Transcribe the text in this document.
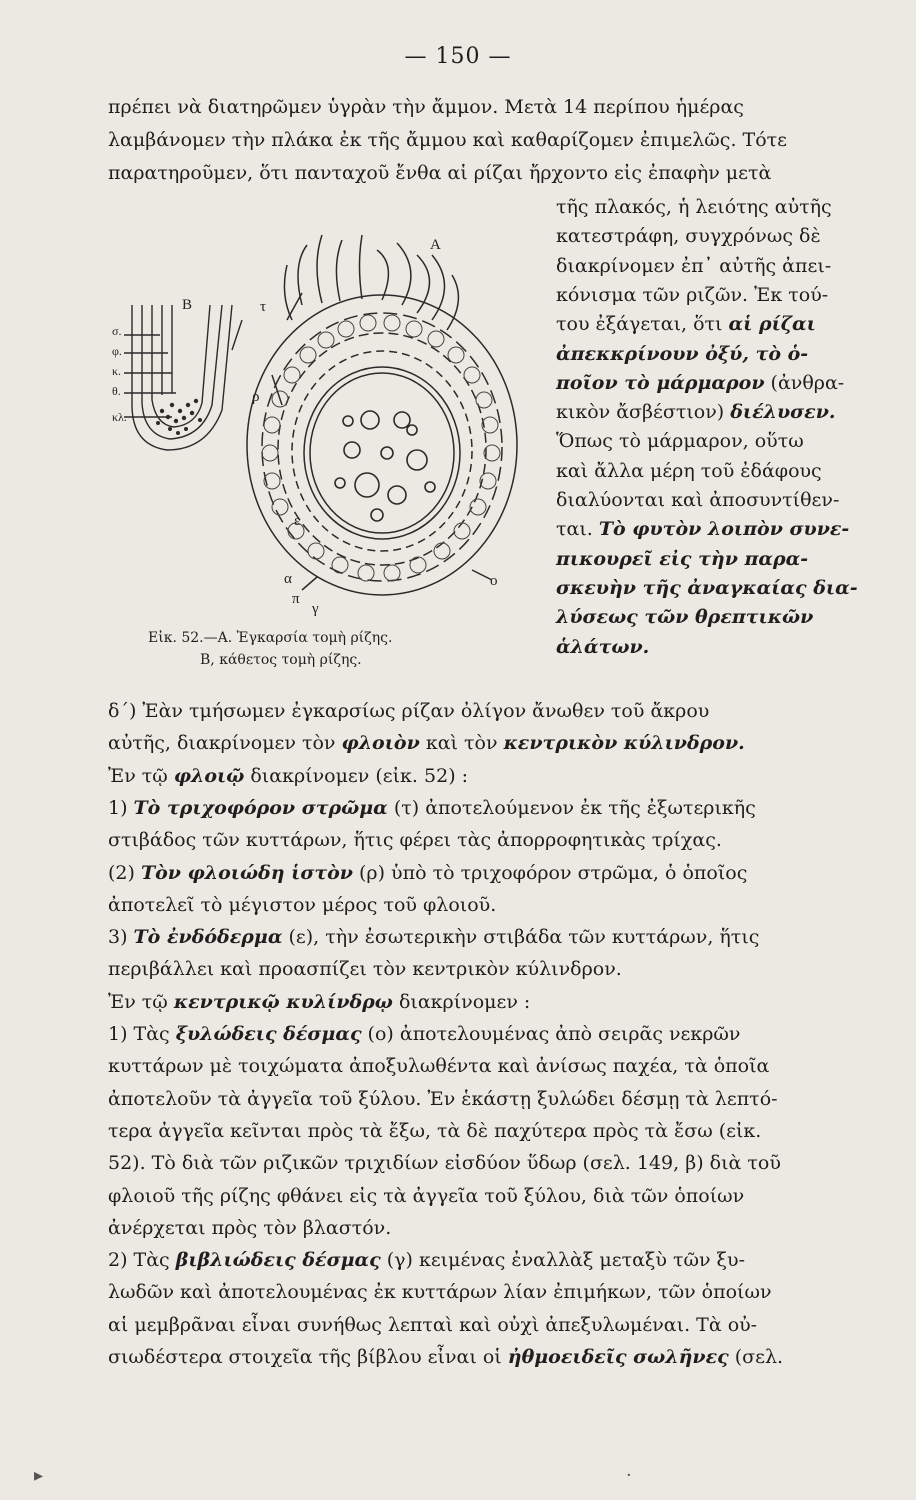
— 150 —
πρέπει νὰ διατηρῶμεν ὑγρὰν τὴν ἄμμον. Μετὰ 14 περίπου ἡμέρας
λαμβάνομεν τὴν πλάκα ἐκ τῆς ἄμμου καὶ καθαρίζομεν ἐπιμελῶς. Τότε
παρατηροῦμεν, ὅτι πανταχοῦ ἔνθα αἱ ρίζαι ἤρχοντο εἰς ἐπαφὴν μετὰ
τῆς πλακός, ἡ λειότης αὐτῆς
κατεστράφη, συγχρόνως δὲ
διακρίνομεν ἐπ᾽ αὐτῆς ἀπει-
κόνισμα τῶν ριζῶν. Ἐκ τού-
του ἐξάγεται, ὅτι αἱ ρίζαι
ἀπεκκρίνουν ὀξύ, τὸ ὁ-
ποῖον τὸ μάρμαρον (ἀνθρα-
κικὸν ἄσβέστιον) διέλυσεν.
Ὅπως τὸ μάρμαρον, οὕτω
καὶ ἄλλα μέρη τοῦ ἐδάφους
διαλύονται καὶ ἀποσυντίθεν-
ται. Τὸ φυτὸν λοιπὸν συνε-
πικουρεῖ εἰς τὴν παρα-
σκευὴν τῆς ἀναγκαίας δια-
λύσεως τῶν θρεπτικῶν
ἁλάτων.
A
B	τ
ρ
ε
ο
γ
π
α
σ.
φ.
κ.
θ.
κλ.
Εἰκ. 52.—Α. Ἐγκαρσία τομὴ ρίζης.
Β, κάθετος τομὴ ρίζης.
δ´) Ἐὰν τμήσωμεν ἐγκαρσίως ρίζαν ὀλίγον ἄνωθεν τοῦ ἄκρου
αὐτῆς, διακρίνομεν τὸν φλοιὸν καὶ τὸν κεντρικὸν κύλινδρον.
Ἐν τῷ φλοιῷ διακρίνομεν (εἰκ. 52) :
1) Τὸ τριχοφόρον στρῶμα (τ) ἀποτελούμενον ἐκ τῆς ἐξωτερικῆς
στιβάδος τῶν κυττάρων, ἥτις φέρει τὰς ἀπορροφητικὰς τρίχας.
(2) Τὸν φλοιώδη ἱστὸν (ρ) ὑπὸ τὸ τριχοφόρον στρῶμα, ὁ ὁποῖος
ἀποτελεῖ τὸ μέγιστον μέρος τοῦ φλοιοῦ.
3) Τὸ ἐνδόδερμα (ε), τὴν ἐσωτερικὴν στιβάδα τῶν κυττάρων, ἥτις
περιβάλλει καὶ προασπίζει τὸν κεντρικὸν κύλινδρον.
Ἐν τῷ κεντρικῷ κυλίνδρῳ διακρίνομεν :
1) Τὰς ξυλώδεις δέσμας (ο) ἀποτελουμένας ἀπὸ σειρᾶς νεκρῶν
κυττάρων μὲ τοιχώματα ἀποξυλωθέντα καὶ ἀνίσως παχέα, τὰ ὁποῖα
ἀποτελοῦν τὰ ἀγγεῖα τοῦ ξύλου. Ἐν ἑκάστῃ ξυλώδει δέσμῃ τὰ λεπτό-
τερα ἀγγεῖα κεῖνται πρὸς τὰ ἔξω, τὰ δὲ παχύτερα πρὸς τὰ ἔσω (εἰκ.
52). Τὸ διὰ τῶν ριζικῶν τριχιδίων εἰσδύον ὕδωρ (σελ. 149, β) διὰ τοῦ
φλοιοῦ τῆς ρίζης φθάνει εἰς τὰ ἀγγεῖα τοῦ ξύλου, διὰ τῶν ὁποίων
ἀνέρχεται πρὸς τὸν βλαστόν.
2) Τὰς βιβλιώδεις δέσμας (γ) κειμένας ἐναλλὰξ μεταξὺ τῶν ξυ-
λωδῶν καὶ ἀποτελουμένας ἐκ κυττάρων λίαν ἐπιμήκων, τῶν ὁποίων
αἱ μεμβρᾶναι εἶναι συνήθως λεπταὶ καὶ οὐχὶ ἀπεξυλωμέναι. Τὰ οὐ-
σιωδέστερα στοιχεῖα τῆς βίβλου εἶναι οἱ ἠθμοειδεῖς σωλῆνες (σελ.
▸	·
